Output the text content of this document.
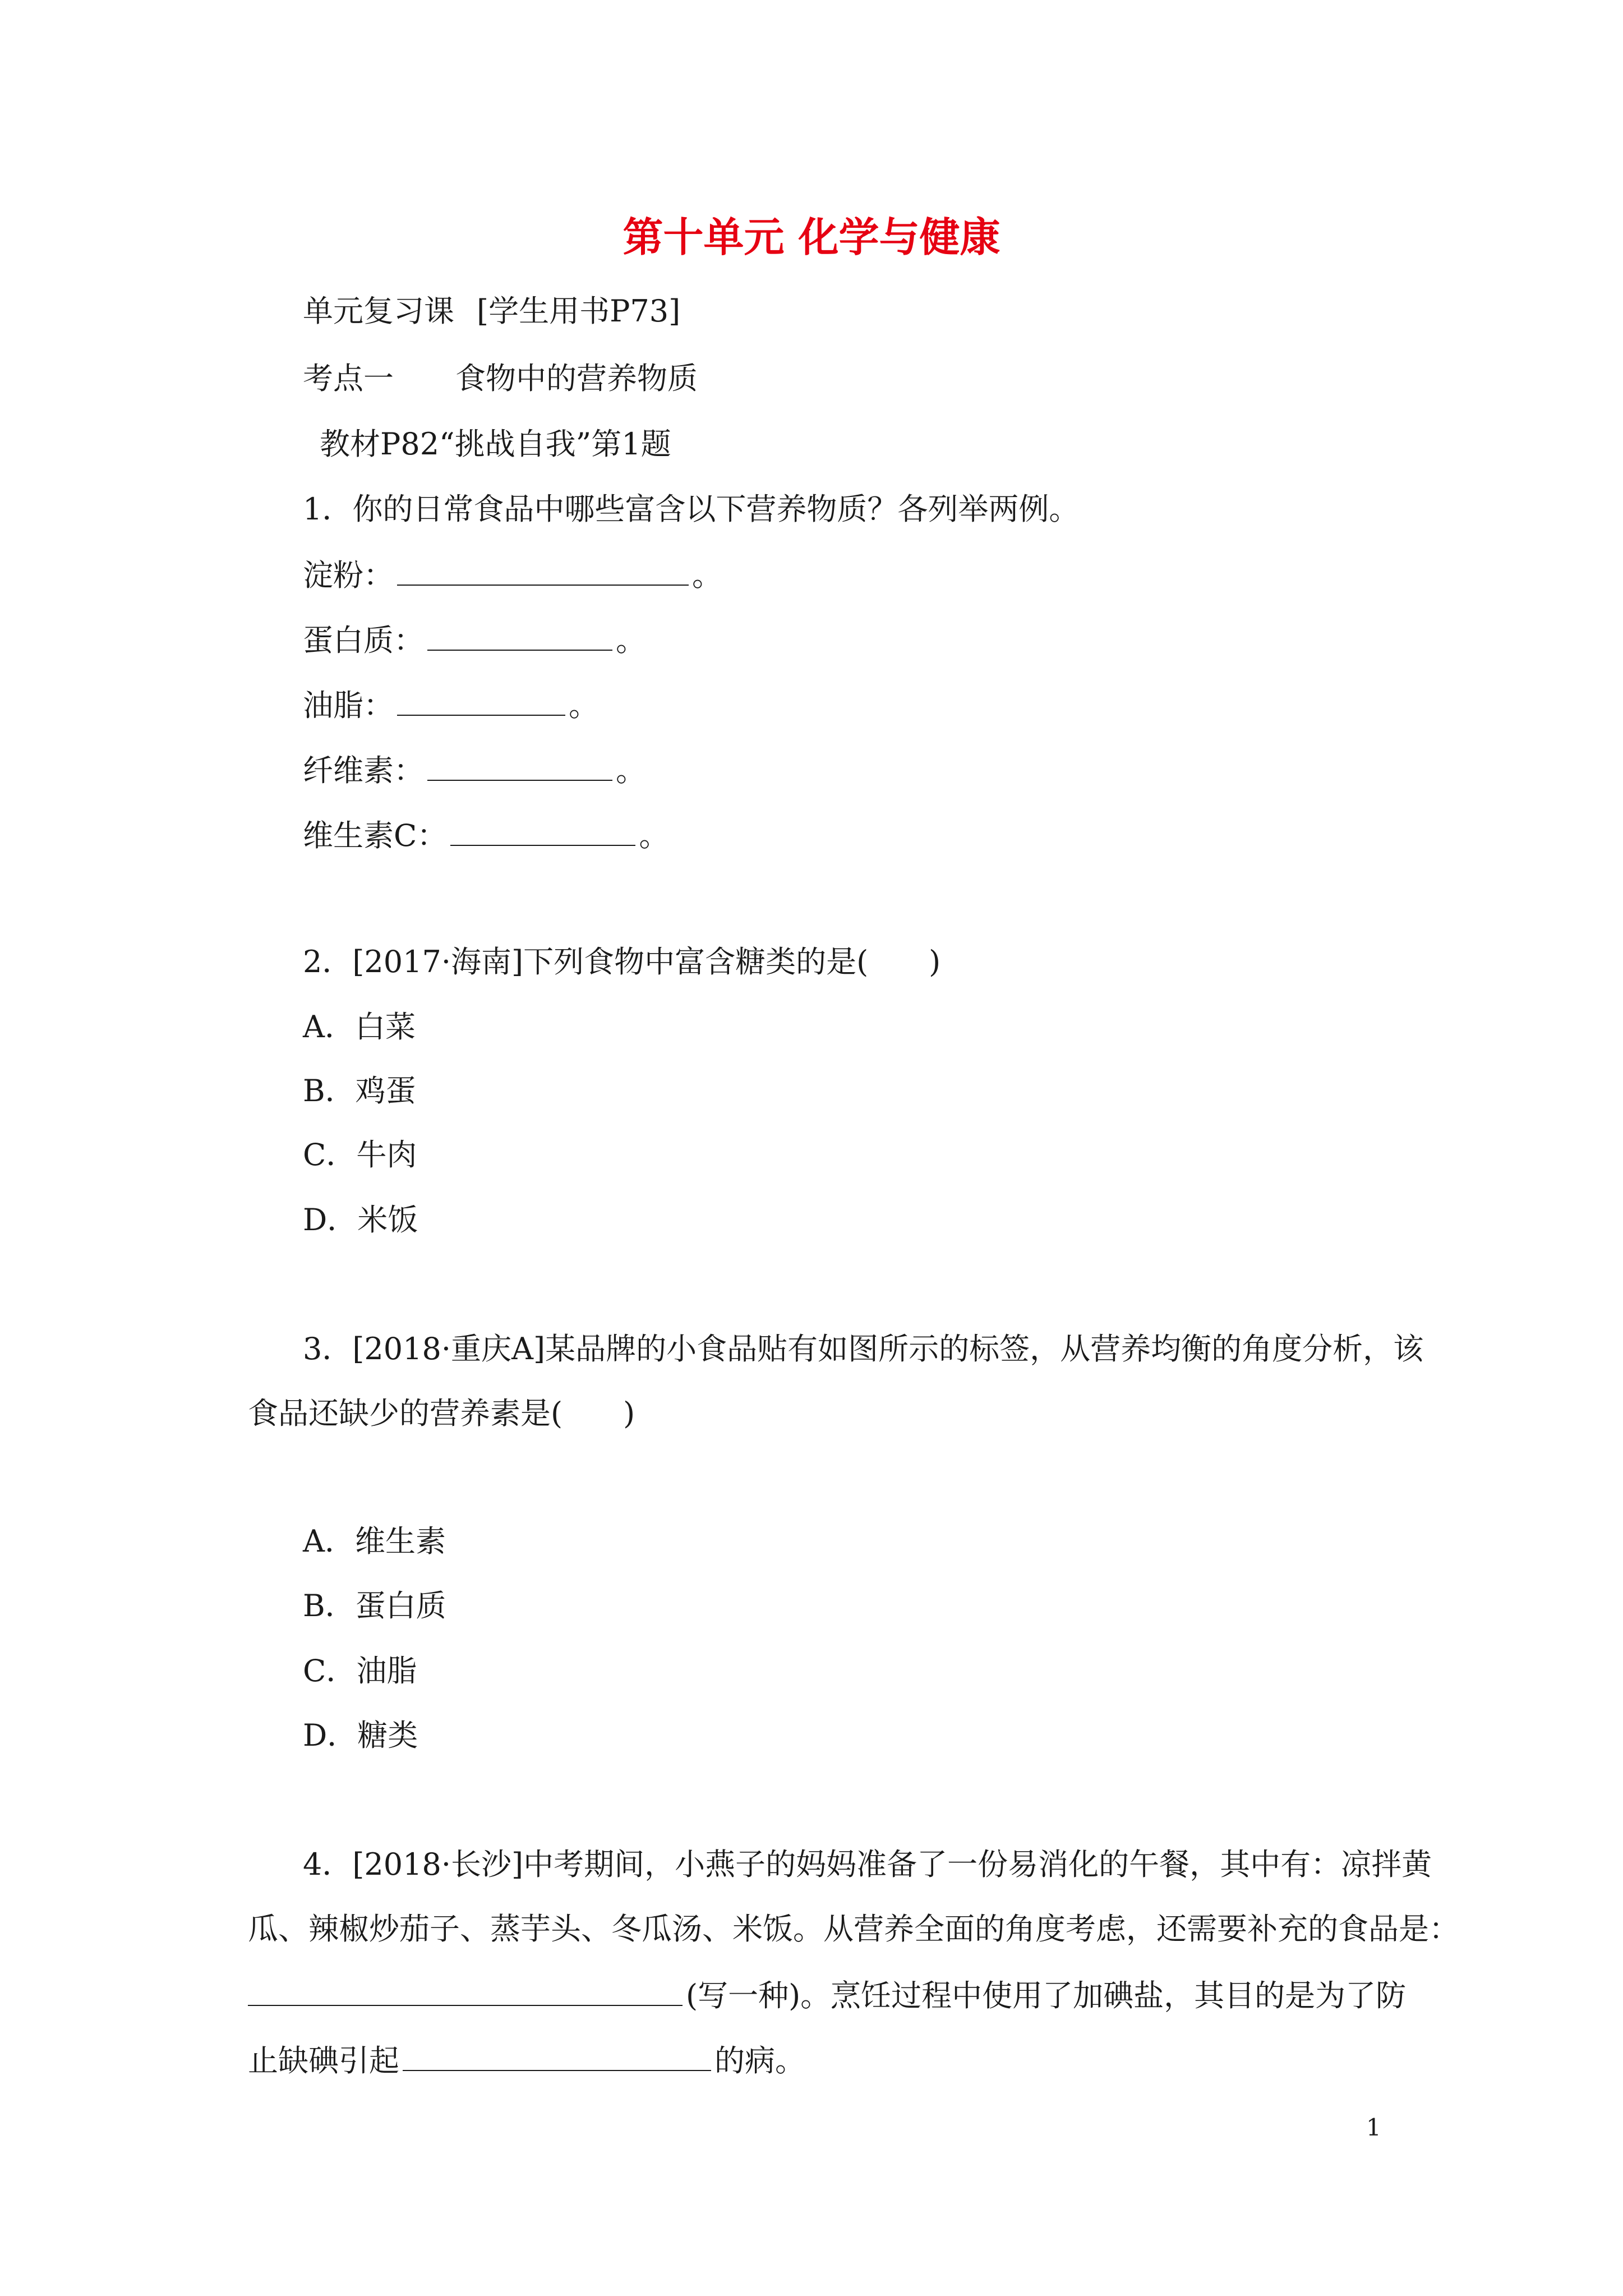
第十单元 化学与健康
单元复习课 [学生用书P73]
考点一 食物中的营养物质
教材P82“挑战自我”第1题
1．你的日常食品中哪些富含以下营养物质？各列举两例。
淀粉：	。
蛋白质：	。
油脂：	。
纤维素：	。
维生素C：	。
2．[2017·海南]下列食物中富含糖类的是(　　)
A．白菜
B．鸡蛋
C．牛肉
D．米饭
3．[2018·重庆A]某品牌的小食品贴有如图所示的标签，从营养均衡的角度分析，该
食品还缺少的营养素是(　　)
A．维生素
B．蛋白质
C．油脂
D．糖类
4．[2018·长沙]中考期间，小燕子的妈妈准备了一份易消化的午餐，其中有：凉拌黄
瓜、辣椒炒茄子、蒸芋头、冬瓜汤、米饭。从营养全面的角度考虑，还需要补充的食品是：
(写一种)。烹饪过程中使用了加碘盐，其目的是为了防
止缺碘引起	的病。
1
